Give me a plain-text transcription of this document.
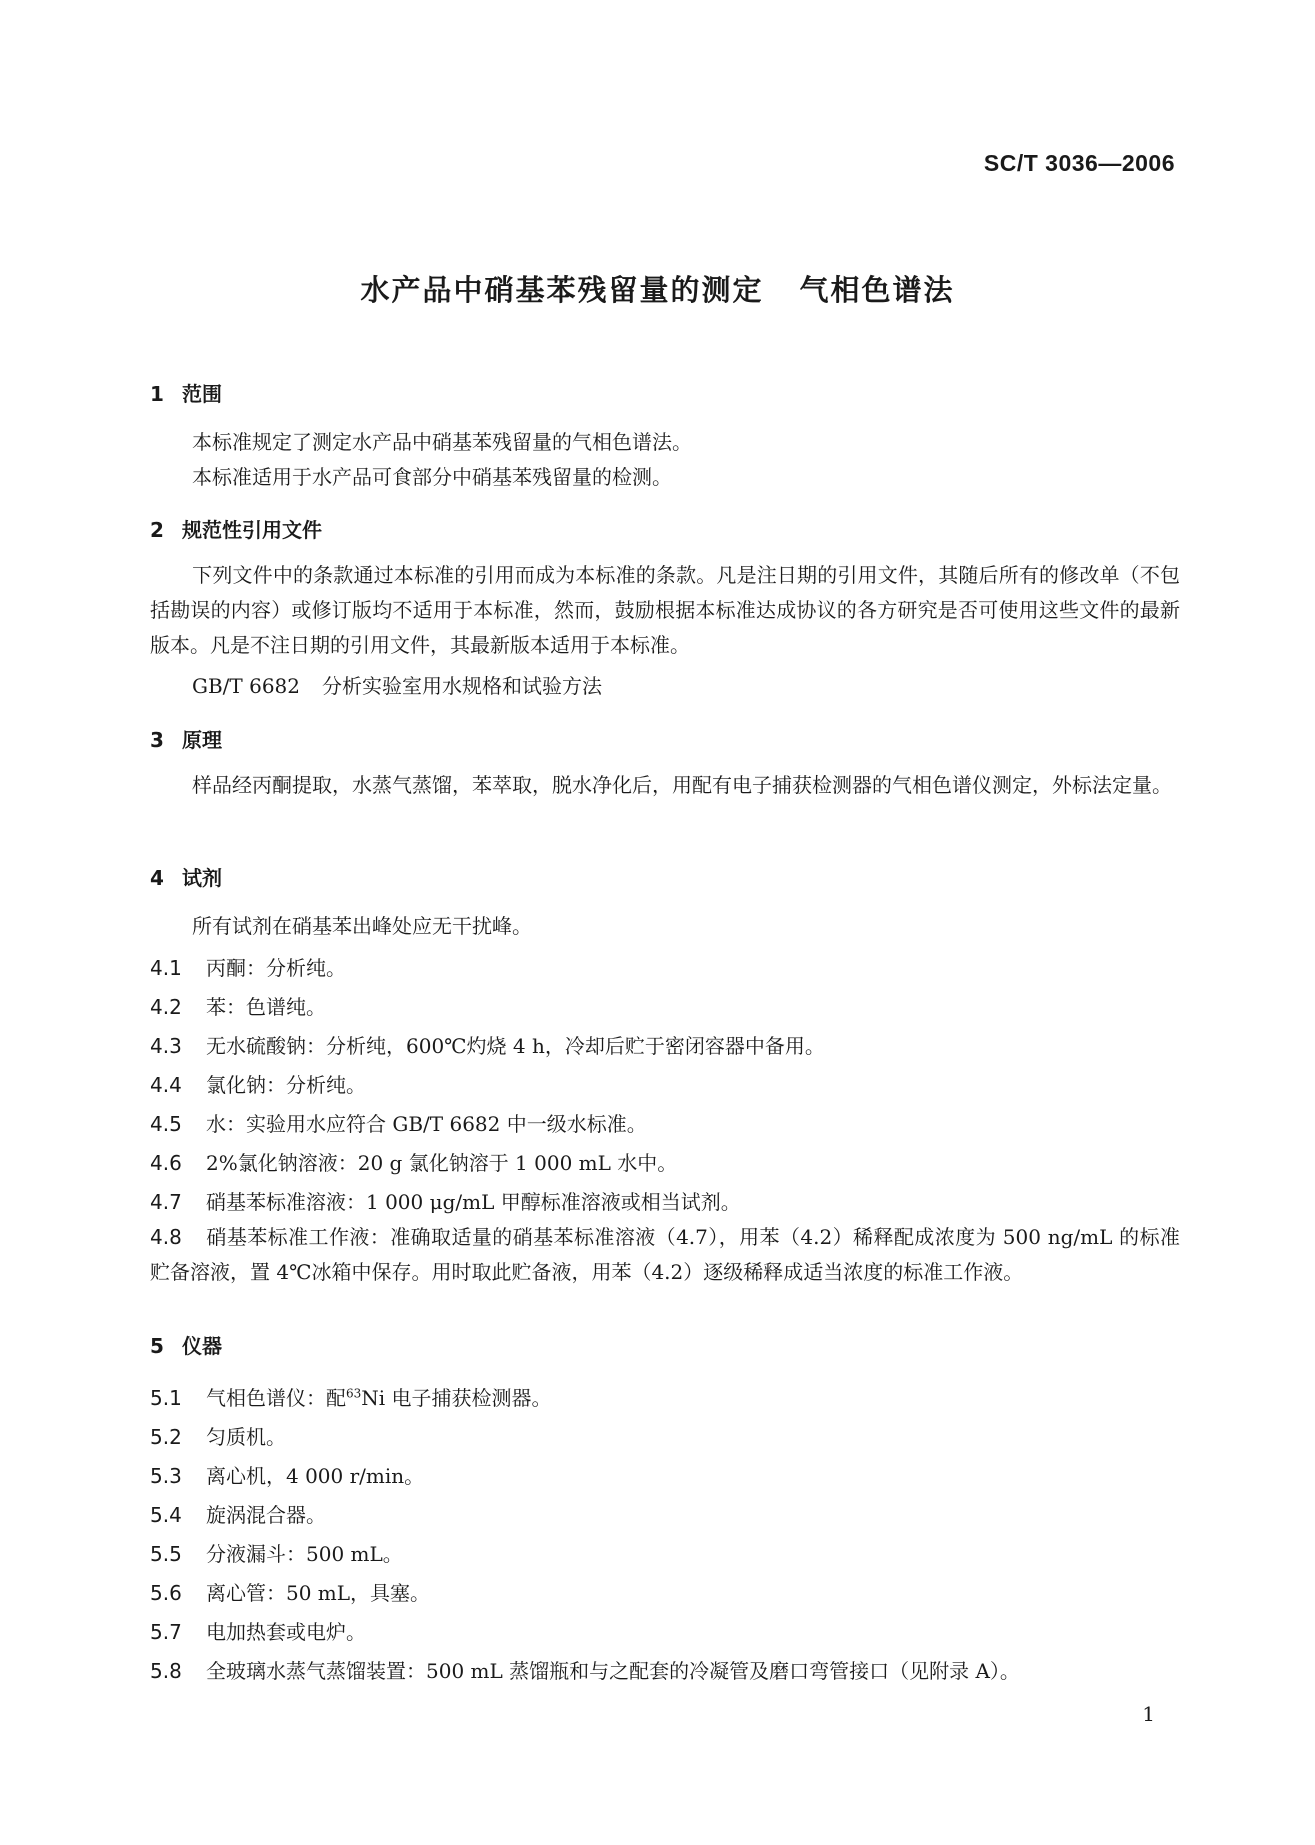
SC/T 3036—2006
水产品中硝基苯残留量的测定 气相色谱法
1 范围
本标准规定了测定水产品中硝基苯残留量的气相色谱法。
本标准适用于水产品可食部分中硝基苯残留量的检测。
2 规范性引用文件
下列文件中的条款通过本标准的引用而成为本标准的条款。凡是注日期的引用文件，其随后所有的修改单（不包括勘误的内容）或修订版均不适用于本标准，然而，鼓励根据本标准达成协议的各方研究是否可使用这些文件的最新版本。凡是不注日期的引用文件，其最新版本适用于本标准。
GB/T 6682 分析实验室用水规格和试验方法
3 原理
样品经丙酮提取，水蒸气蒸馏，苯萃取，脱水净化后，用配有电子捕获检测器的气相色谱仪测定，外标法定量。
4 试剂
所有试剂在硝基苯出峰处应无干扰峰。
4.1 丙酮：分析纯。
4.2 苯：色谱纯。
4.3 无水硫酸钠：分析纯，600℃灼烧 4 h，冷却后贮于密闭容器中备用。
4.4 氯化钠：分析纯。
4.5 水：实验用水应符合 GB/T 6682 中一级水标准。
4.6 2%氯化钠溶液：20 g 氯化钠溶于 1 000 mL 水中。
4.7 硝基苯标准溶液：1 000 μg/mL 甲醇标准溶液或相当试剂。
4.8 硝基苯标准工作液：准确取适量的硝基苯标准溶液（4.7），用苯（4.2）稀释配成浓度为 500 ng/mL 的标准贮备溶液，置 4℃冰箱中保存。用时取此贮备液，用苯（4.2）逐级稀释成适当浓度的标准工作液。
5 仪器
5.1 气相色谱仪：配$^{63}$Ni 电子捕获检测器。
5.2 匀质机。
5.3 离心机，4 000 r/min。
5.4 旋涡混合器。
5.5 分液漏斗：500 mL。
5.6 离心管：50 mL，具塞。
5.7 电加热套或电炉。
5.8 全玻璃水蒸气蒸馏装置：500 mL 蒸馏瓶和与之配套的冷凝管及磨口弯管接口（见附录 A）。
1
